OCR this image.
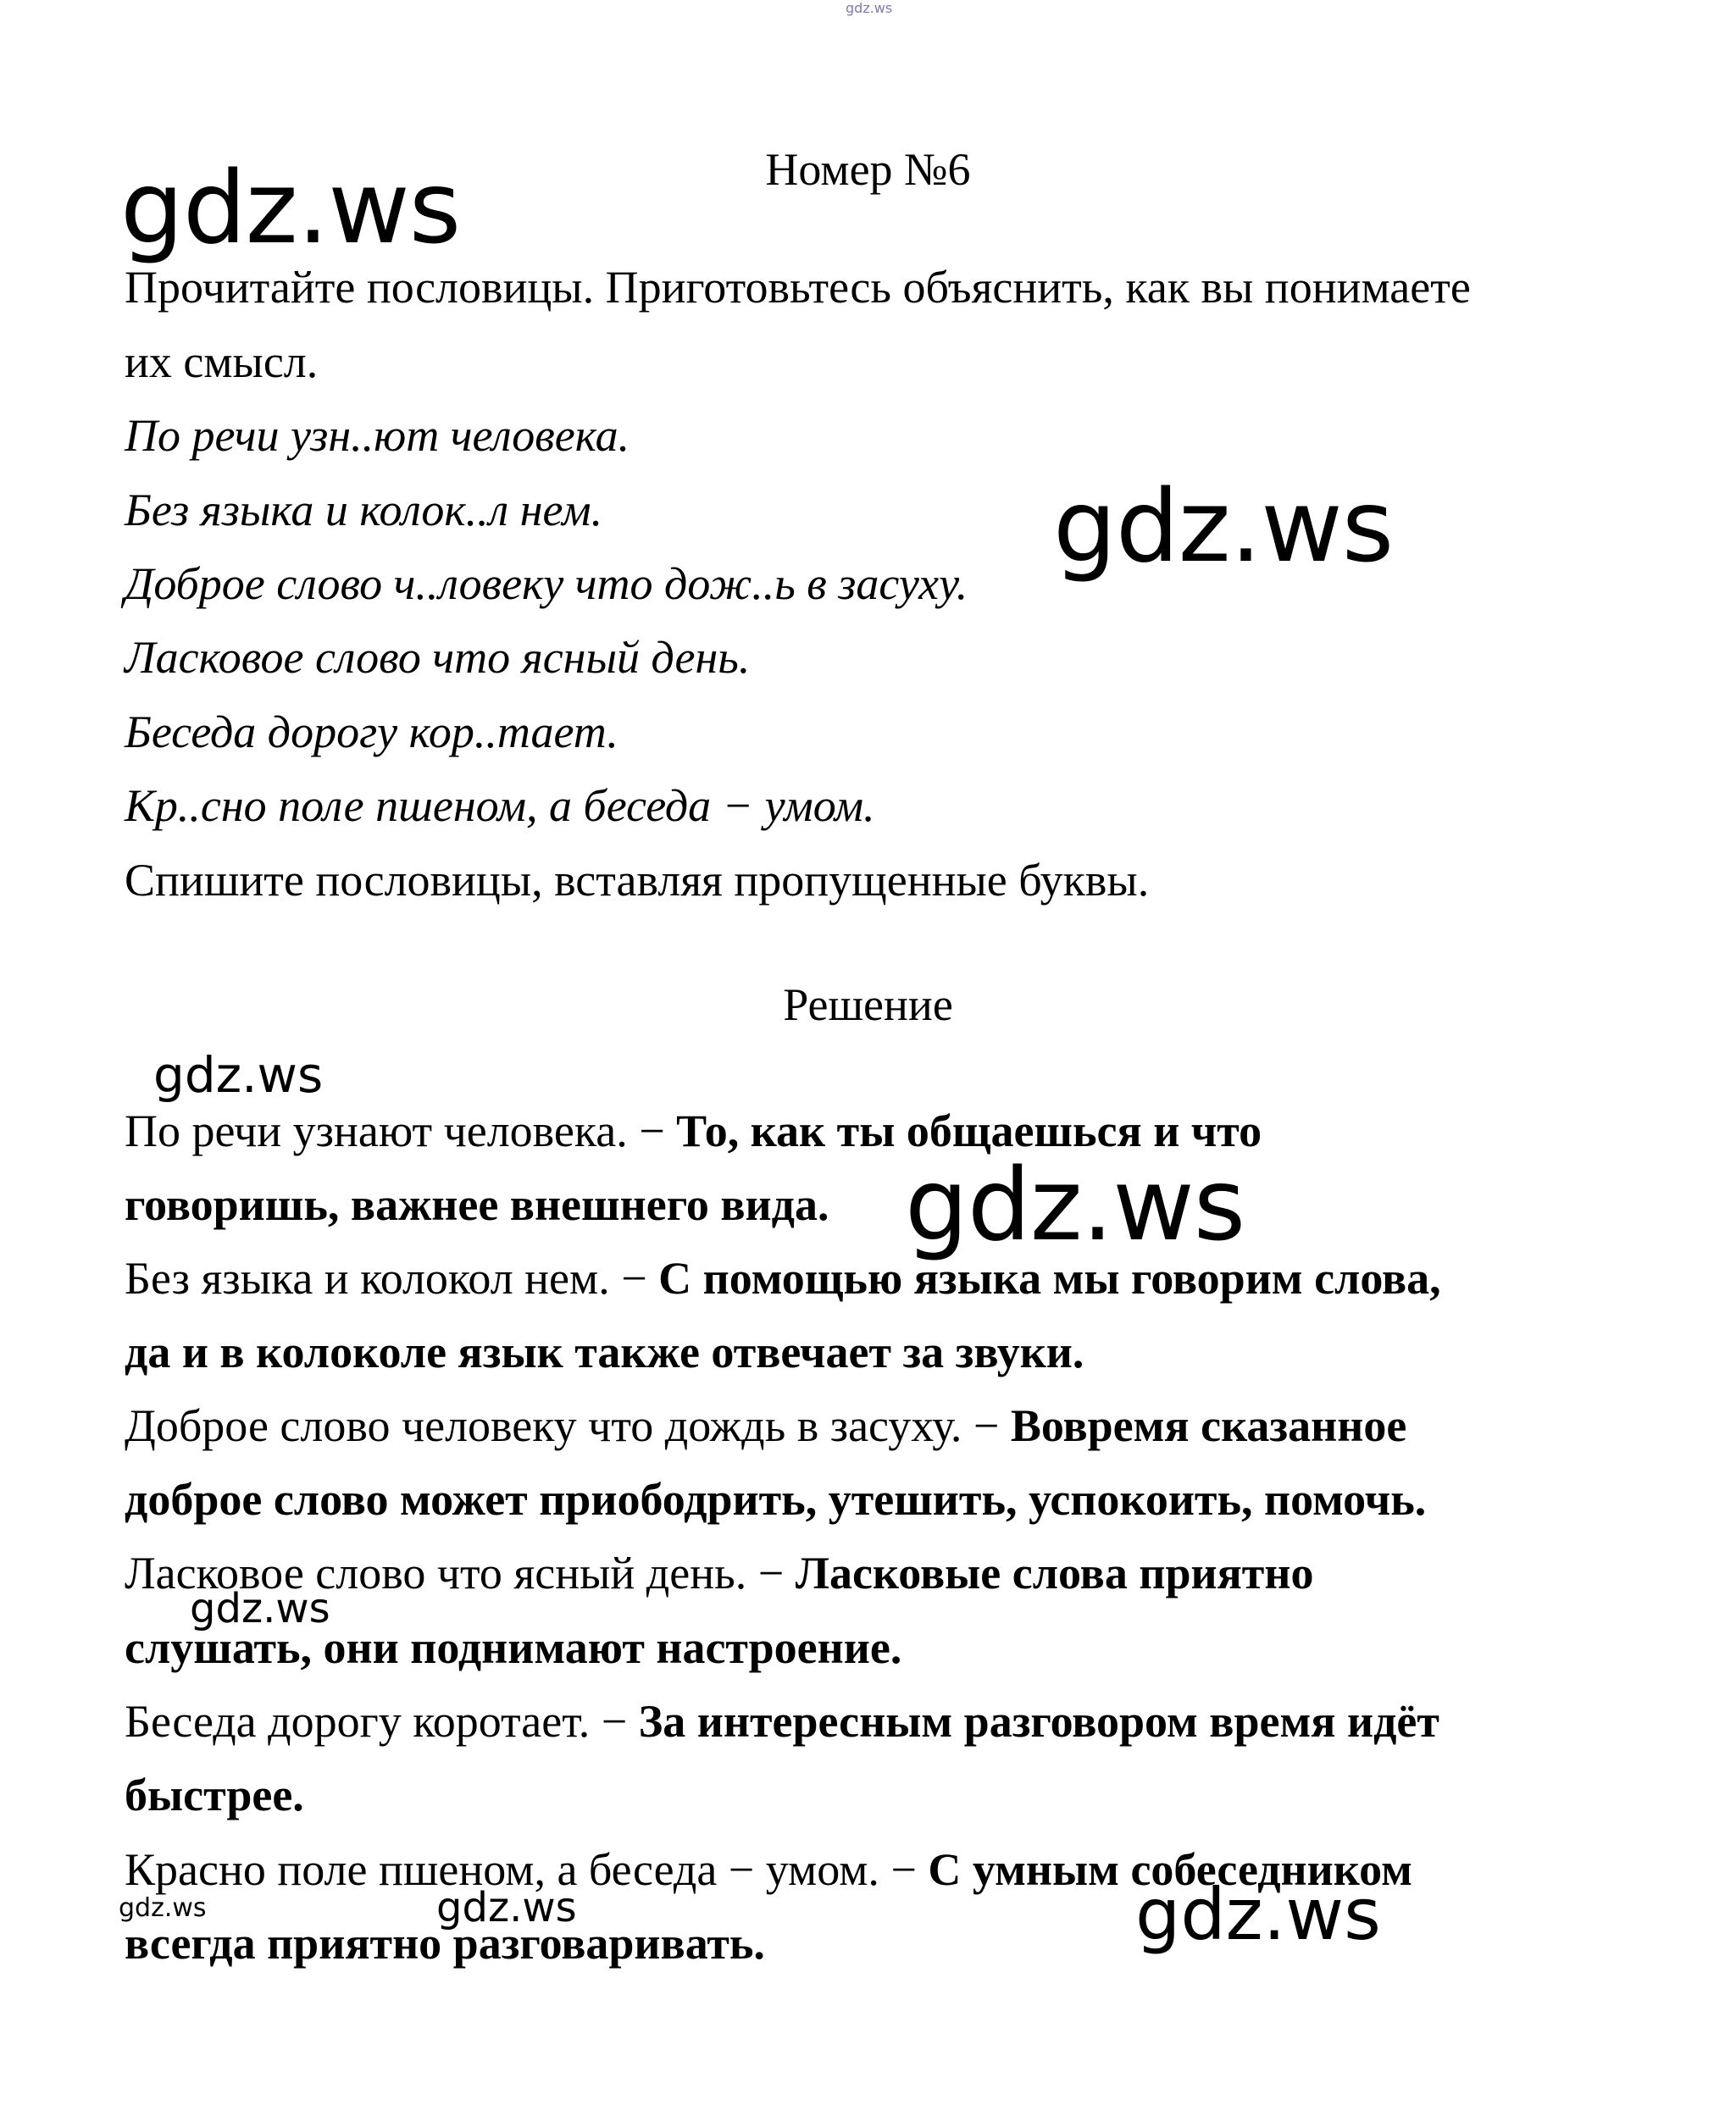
Номер №6
Прочитайте пословицы. Приготовьтесь объяснить, как вы понимаете
их смысл.
По речи узн..ют человека.
Без языка и колок..л нем.
Доброе слово ч..ловеку что дож..ь в засуху.
Ласковое слово что ясный день.
Беседа дорогу кор..тает.
Кр..сно поле пшеном, а беседа − умом.
Спишите пословицы, вставляя пропущенные буквы.
Решение
По речи узнают человека. − То, как ты общаешься и что
говоришь, важнее внешнего вида.
Без языка и колокол нем. − С помощью языка мы говорим слова,
да и в колоколе язык также отвечает за звуки.
Доброе слово человеку что дождь в засуху. − Вовремя сказанное
доброе слово может приободрить, утешить, успокоить, помочь.
Ласковое слово что ясный день. − Ласковые слова приятно
слушать, они поднимают настроение.
Беседа дорогу коротает. − За интересным разговором время идёт
быстрее.
Красно поле пшеном, а беседа − умом. − С умным собеседником
всегда приятно разговаривать.
gdz.ws
gdz.ws
gdz.ws
gdz.ws
gdz.ws
gdz.ws
gdz.ws	gdz.ws	gdz.ws
